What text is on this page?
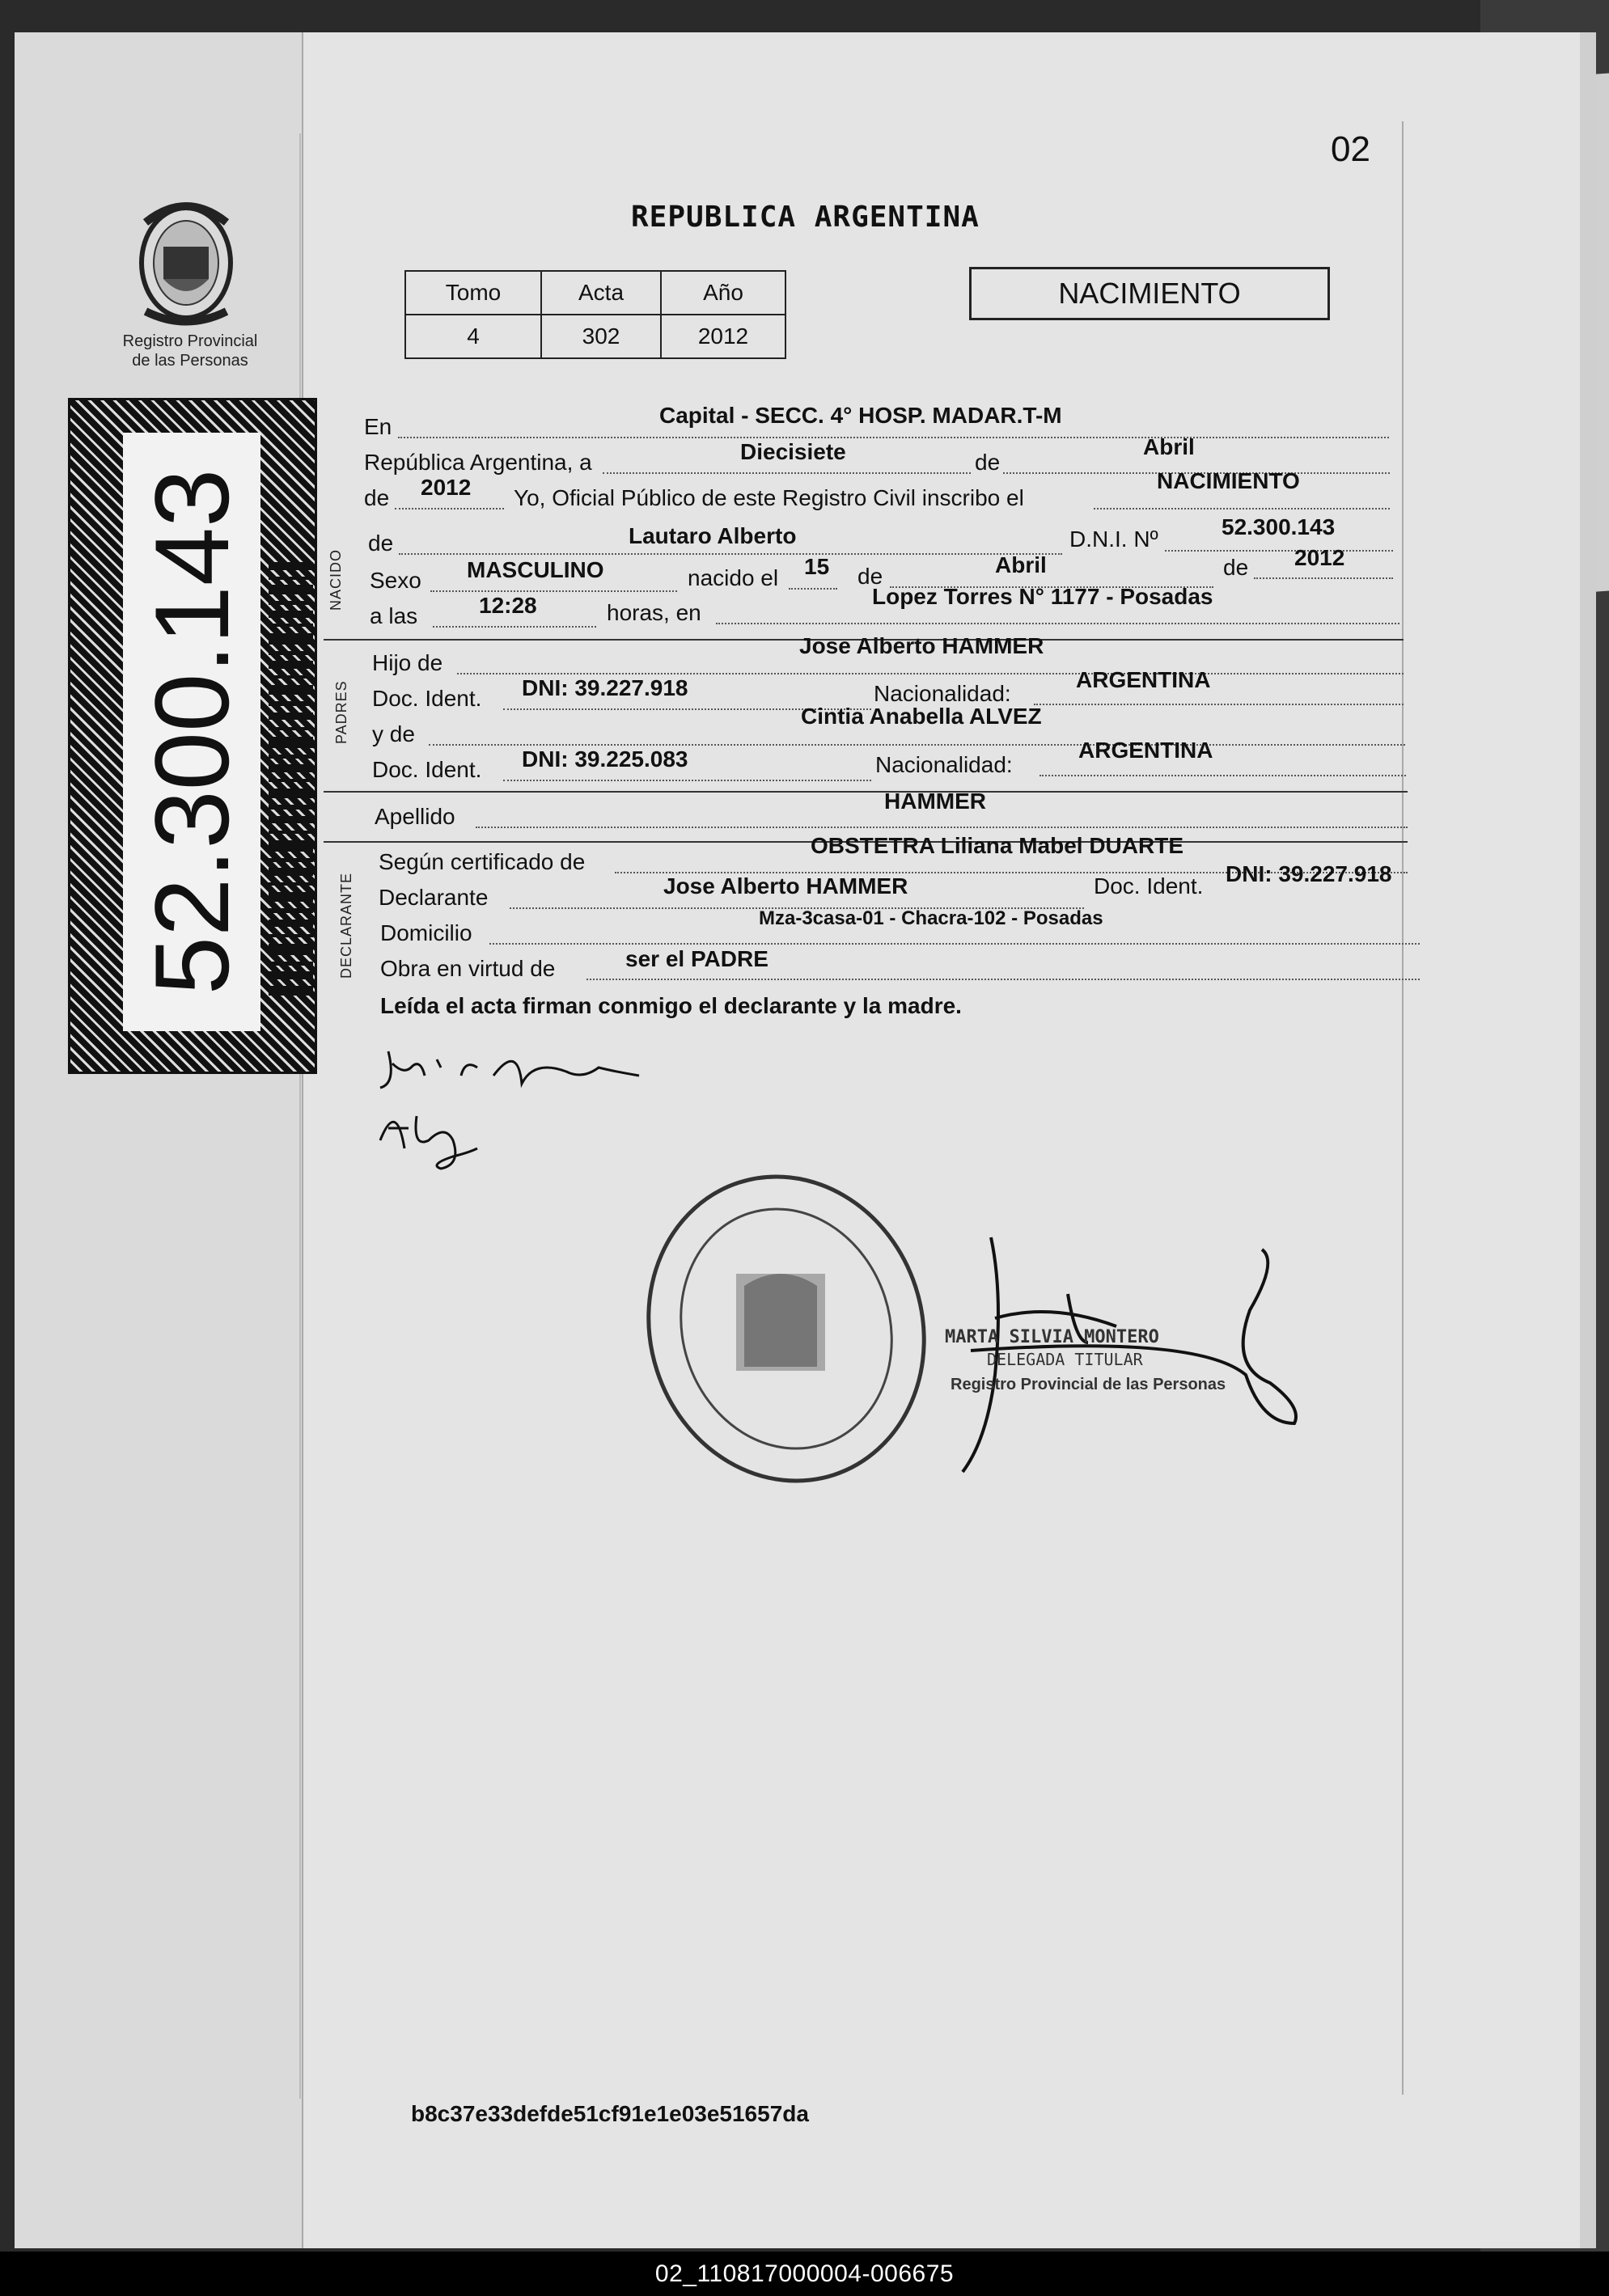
02
Registro Provincial
de las Personas
52.300.143
REPUBLICA ARGENTINA
Tomo	Acta	Año
4	302	2012
NACIMIENTO
En	Capital - SECC. 4° HOSP. MADAR.T-M
República Argentina, a	Diecisiete	de
Abril
de 2012 Yo, Oficial Público de este Registro Civil inscribo el
NACIMIENTO
NACIDO
de	Lautaro Alberto	D.N.I. Nº	52.300.143
Sexo MASCULINO	nacido el 15 de	Abril	de 2012
a las	12:28	horas, en
Lopez Torres N° 1177 - Posadas
PADRES
Hijo de
Jose Alberto HAMMER
Doc. Ident. DNI: 39.227.918	Nacionalidad:
ARGENTINA
y de
Cintia Anabella ALVEZ
Doc. Ident. DNI: 39.225.083	Nacionalidad:
ARGENTINA
Apellido
HAMMER
DECLARANTE
Según certificado de
OBSTETRA Liliana Mabel DUARTE
Declarante	Jose Alberto HAMMER	Doc. Ident. DNI: 39.227.918
Domicilio
Mza-3casa-01 - Chacra-102 - Posadas
Obra en virtud de	ser el PADRE
Leída el acta firman conmigo el declarante y la madre.
MARTA SILVIA MONTERO
DELEGADA TITULAR
Registro Provincial de las Personas
b8c37e33defde51cf91e1e03e51657da
02_110817000004-006675
